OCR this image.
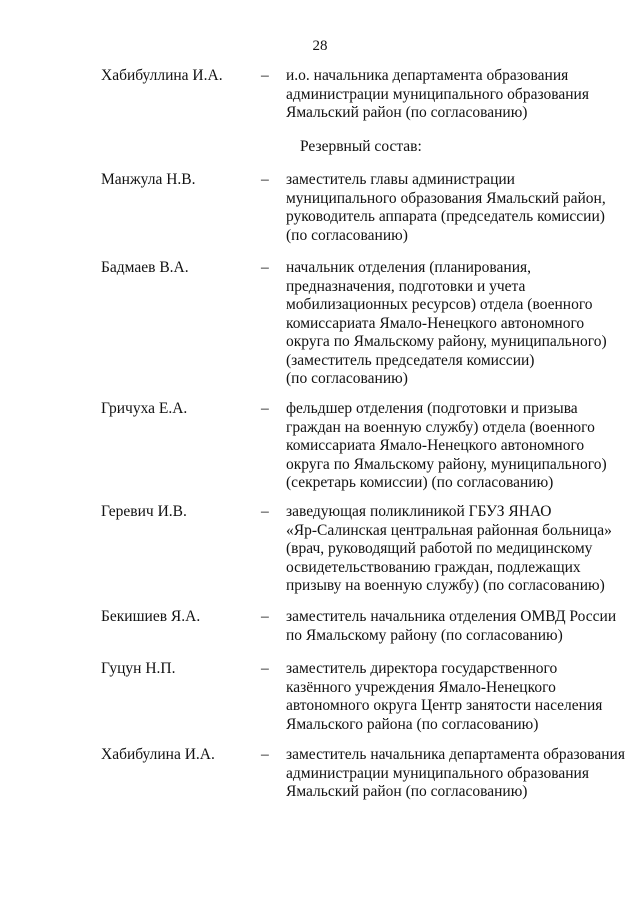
28
Хабибуллина И.А. – и.о. начальника департамента образования
администрации муниципального образования
Ямальский район (по согласованию)
Резервный состав:
Манжула Н.В.	– заместитель главы администрации
муниципального образования Ямальский район,
руководитель аппарата (председатель комиссии)
(по согласованию)
Бадмаев В.А.	– начальник отделения (планирования,
предназначения, подготовки и учета
мобилизационных ресурсов) отдела (военного
комиссариата Ямало-Ненецкого автономного
округа по Ямальскому району, муниципального)
(заместитель председателя комиссии)
(по согласованию)
Гричуха Е.А.	– фельдшер отделения (подготовки и призыва
граждан на военную службу) отдела (военного
комиссариата Ямало-Ненецкого автономного
округа по Ямальскому району, муниципального)
(секретарь комиссии) (по согласованию)
Геревич И.В.	– заведующая поликлиникой ГБУЗ ЯНАО
«Яр-Салинская центральная районная больница»
(врач, руководящий работой по медицинскому
освидетельствованию граждан, подлежащих
призыву на военную службу) (по согласованию)
Бекишиев Я.А.	– заместитель начальника отделения ОМВД России
по Ямальскому району (по согласованию)
Гуцун Н.П.	– заместитель директора государственного
казённого учреждения Ямало-Ненецкого
автономного округа Центр занятости населения
Ямальского района (по согласованию)
Хабибулина И.А.	– заместитель начальника департамента образования
администрации муниципального образования
Ямальский район (по согласованию)
